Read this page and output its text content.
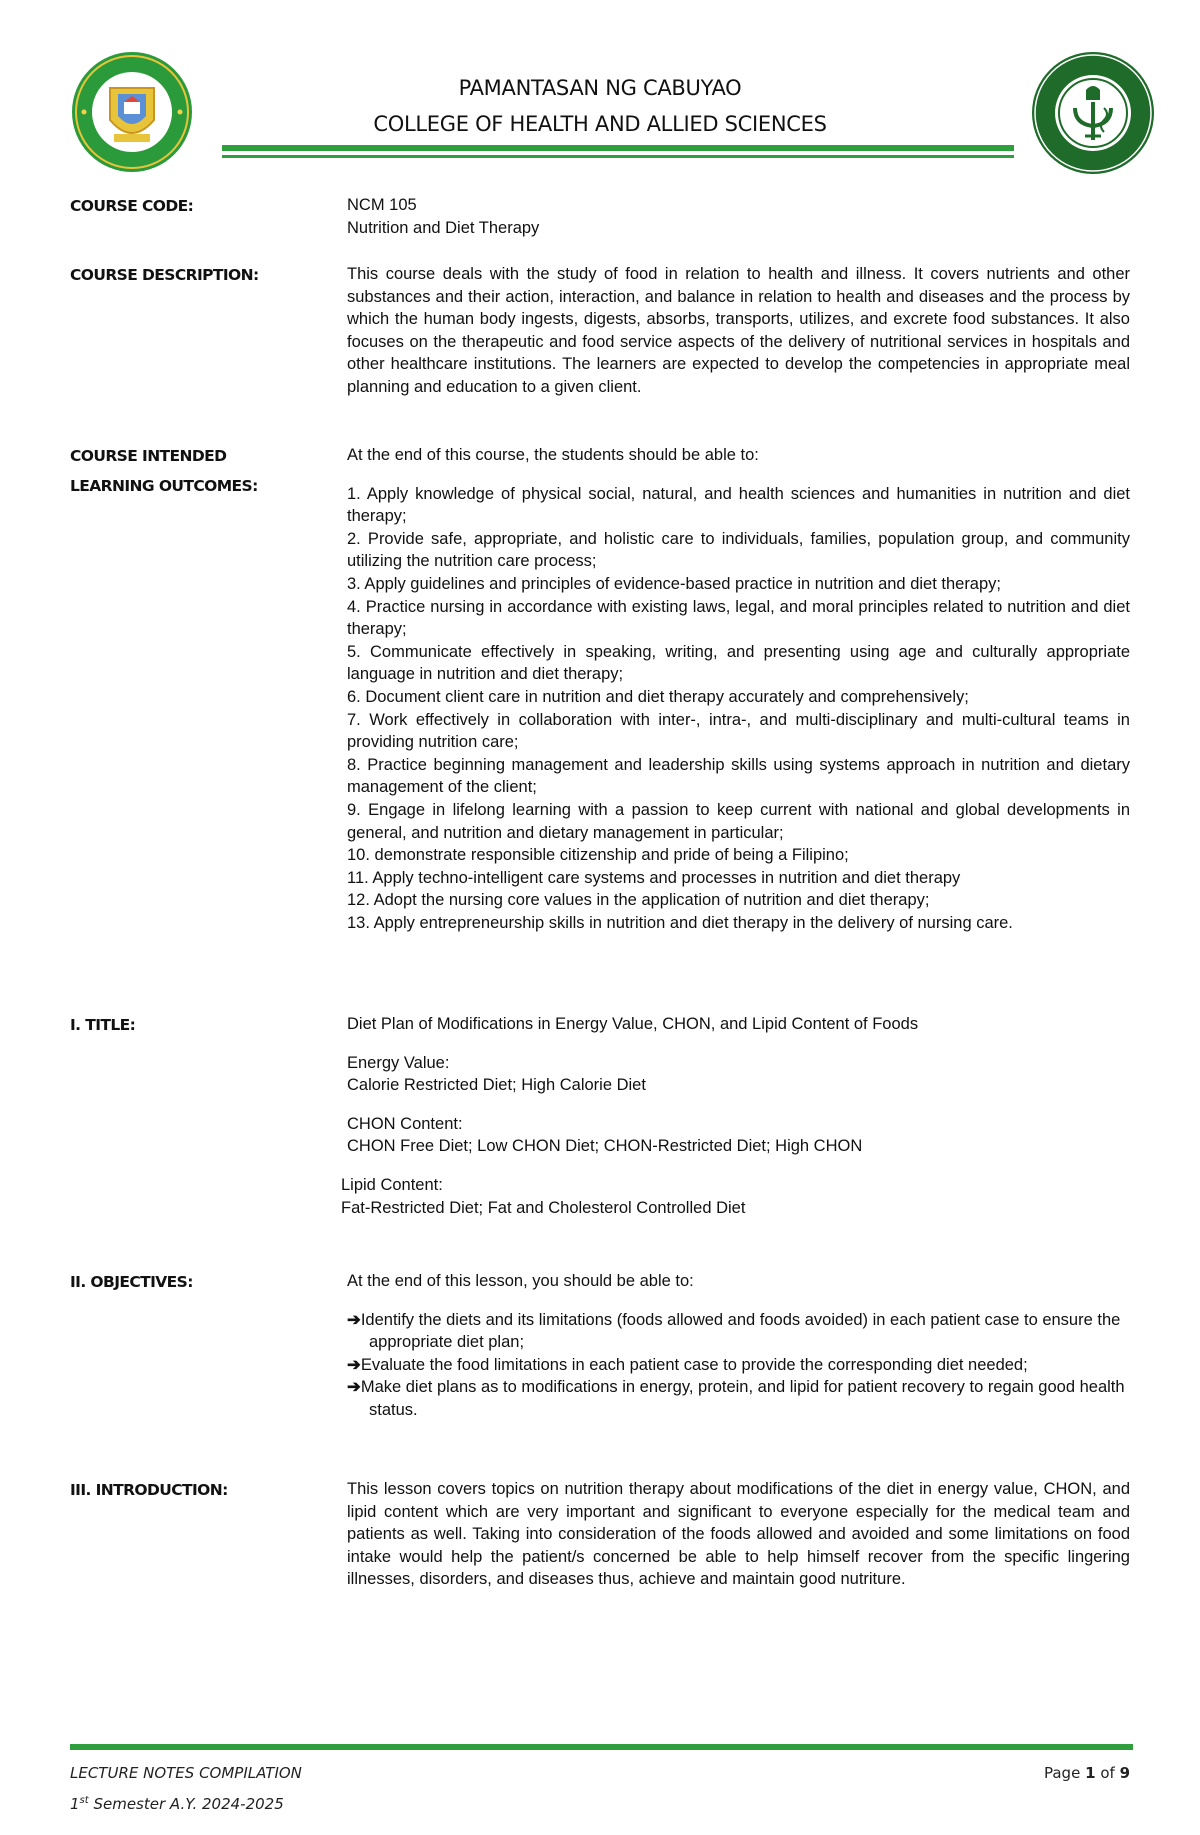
PAMANTASAN NG CABUYAO
COLLEGE OF HEALTH AND ALLIED SCIENCES
COURSE CODE:	NCM 105
Nutrition and Diet Therapy
COURSE DESCRIPTION:	This course deals with the study of food in relation to health and illness. It covers nutrients and other substances and their action, interaction, and balance in relation to health and diseases and the process by which the human body ingests, digests, absorbs, transports, utilizes, and excrete food substances. It also focuses on the therapeutic and food service aspects of the delivery of nutritional services in hospitals and other healthcare institutions. The learners are expected to develop the competencies in appropriate meal planning and education to a given client.
COURSE INTENDED
LEARNING OUTCOMES:
At the end of this course, the students should be able to:
1. Apply knowledge of physical social, natural, and health sciences and humanities in nutrition and diet therapy;
2. Provide safe, appropriate, and holistic care to individuals, families, population group, and community utilizing the nutrition care process;
3. Apply guidelines and principles of evidence-based practice in nutrition and diet therapy;
4. Practice nursing in accordance with existing laws, legal, and moral principles related to nutrition and diet therapy;
5. Communicate effectively in speaking, writing, and presenting using age and culturally appropriate language in nutrition and diet therapy;
6. Document client care in nutrition and diet therapy accurately and comprehensively;
7. Work effectively in collaboration with inter-, intra-, and multi-disciplinary and multi-cultural teams in providing nutrition care;
8. Practice beginning management and leadership skills using systems approach in nutrition and dietary management of the client;
9. Engage in lifelong learning with a passion to keep current with national and global developments in general, and nutrition and dietary management in particular;
10. demonstrate responsible citizenship and pride of being a Filipino;
11. Apply techno-intelligent care systems and processes in nutrition and diet therapy
12. Adopt the nursing core values in the application of nutrition and diet therapy;
13. Apply entrepreneurship skills in nutrition and diet therapy in the delivery of nursing care.
I. TITLE:	Diet Plan of Modifications in Energy Value, CHON, and Lipid Content of Foods
Energy Value:
Calorie Restricted Diet; High Calorie Diet
CHON Content:
CHON Free Diet; Low CHON Diet; CHON-Restricted Diet; High CHON
Lipid Content:
Fat-Restricted Diet; Fat and Cholesterol Controlled Diet
II. OBJECTIVES:	At the end of this lesson, you should be able to:
➔Identify the diets and its limitations (foods allowed and foods avoided) in each patient case to ensure the appropriate diet plan;
➔Evaluate the food limitations in each patient case to provide the corresponding diet needed;
➔Make diet plans as to modifications in energy, protein, and lipid for patient recovery to regain good health status.
III. INTRODUCTION:	This lesson covers topics on nutrition therapy about modifications of the diet in energy value, CHON, and lipid content which are very important and significant to everyone especially for the medical team and patients as well. Taking into consideration of the foods allowed and avoided and some limitations on food intake would help the patient/s concerned be able to help himself recover from the specific lingering illnesses, disorders, and diseases thus, achieve and maintain good nutriture.
LECTURE NOTES COMPILATION
1st Semester A.Y. 2024-2025
Page 1 of 9
